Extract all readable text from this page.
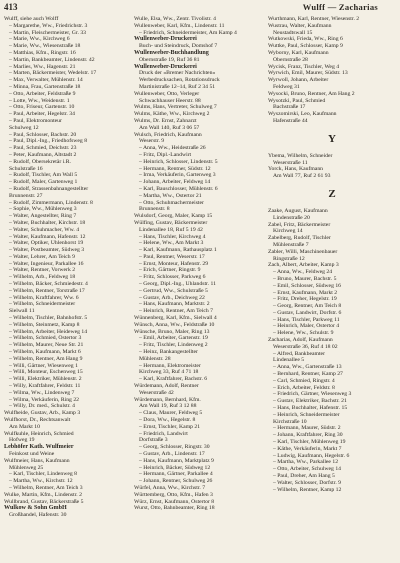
413	Wulff — Zacharias
Wulff, siehe auch Wolff
– Margarethe, Ww., Friedrichstr. 3
– Martin, Fleischermeister, Gr. 33
– Marie, Ww., Kirchweg 6
– Marie, Ww., Wiesenstraße 18
– Matthias, Kfm., Ringstr. 16
– Martin, Bankbeamter, Lindenstr. 42
– Marlies, Ww., Hagenstr. 21
– Marten, Bäckermeister, Wedelstr. 17
– Max, Verwalter, Mühlenstr. 14
– Minna, Frau, Gartenstraße 18
– Otto, Arbeiter, Feldstraße 9
– Lotte, Ww., Weidenstr. 1
– Otto, Friseur, Gartenstr. 10
– Paul, Arbeiter, Hegelstr. 34
– Paul, Elektromonteur
Schulweg 12
– Paul, Schlosser, Bachstr. 20
– Paul, Dipl.-Ing., Friedhofsweg 8
– Paul, Schmied, Deichstr. 23
– Peter, Kaufmann, Altstadt 2
– Rudolf, Obersekretär i.R.
Schulstraße 16
– Rudolf, Tischler, Am Wall 5
– Rudolf, Maler, Gartenweg 1
– Rudolf, Strassenbahnangestellter
Brunnenstr. 27
– Rudolf, Zimmermann, Lindenstr. 8
– Sophie, Ww., Mühlenweg 3
– Walter, Angestellter, Ring 7
– Walter, Buchhalter, Kirchstr. 18
– Walter, Schuhmacher, Ww. 4
– Walter, Kaufmann, Hafenstr. 12
– Walter, Optiker, Uhlenhorst 19
– Walter, Postbeamter, Südweg 3
– Walter, Lehrer, Am Teich 9
– Walter, Ingenieur, Parkallee 16
– Walter, Rentner, Vorwerk 2
– Wilhelm, Arb., Feldweg 18
– Wilhelm, Bäcker, Schmiedestr. 4
– Wilhelm, Rentner, Torstraße 17
– Wilhelm, Kraftfahrer, Ww. 6
– Wilhelm, Schneidermeister
Sielwall 11
– Wilhelm, Tischler, Bahnhofstr. 5
– Wilhelm, Steinmetz, Kamp 8
– Wilhelm, Arbeiter, Heideweg 14
– Wilhelm, Schmied, Ostertor 3
– Wilhelm, Maurer, Neue Str. 21
– Wilhelm, Kaufmann, Markt 6
– Wilhelm, Rentner, Am Hang 9
– Willi, Gärtner, Wiesenweg 1
– Willi, Monteur, Eschenweg 15
– Willi, Elektriker, Mühlenstr. 2
– Willy, Kraftfahrer, Feldstr. 11
– Wilma, Ww., Lindenweg 7
– Wilma, Verkäuferin, Ring 22
– Willy, Dr. med., Schulstr. 4
Wulfheide, Gustav, Arb., Kamp 3
Wulfhorst, Dr., Rechtsanwalt
Am Markt 10
Wulfkuhle, Heinrich, Schmied
Hofweg 19
Lebhöfer Kath. Wulfmeier
Feinkost und Weine
Wulfmeier, Hans, Kaufmann
Mühlenweg 25
– Karl, Tischler, Lindenweg 8
– Martha, Ww., Kirchstr. 12
– Wilhelm, Rentner, Am Teich 3
Wulke, Martin, Kfm., Lindenstr. 2
Wullbrand, Gustav, Bäckerstraße 5
Wulkow & Sohn GmbH
Großhandel, Hafenstr. 30
Wulle, Elsa, Ww., Zentr. Tivolistr. 4
Wullenweber, Karl, Kfm., Lindenstr. 11
– Friedrich, Schneidermeister, Am Kamp 4
Wullenweber-Druckerei
Buch- und Steindruck, Domshof 7
Wullenweber-Buchhandlung
Obernstraße 19, Ruf 36 81
Wullenweber-Druckerei
Druck der »Bremer Nachrichten«
Werbedrucksachen, Rotationsdruck
Martinistraße 12–14, Ruf 2 34 51
Wullenweber, Otto, Verleger
Schwachhauser Heerstr. 88
Wulms, Hans, Vertreter, Schulweg 7
Wulms, Käthe, Ww., Kirchweg 2
Wulms, Dr. Ernst, Zahnarzt
Am Wall 140, Ruf 3 06 57
Wulsch, Friedrich, Kaufmann
Weserstr. 9
– Anna, Ww., Heidestraße 26
– Fritz, Dipl.-Landwirt
– Heinrich, Schlosser, Lindenstr. 5
– Hermann, Rentner, Südstr. 12
– Irma, Verkäuferin, Gartenweg 3
– Johann, Arbeiter, Feldweg 14
– Karl, Bauschlosser, Mühlenstr. 6
– Martha, Ww., Ostertor 21
– Otto, Schuhmachermeister
Brunnenstr. 8
Wulsdorf, Georg, Maler, Kamp 15
Wülfing, Gustav, Bäckermeister
Lindenallee 18, Ruf 5 19 42
– Hans, Tischler, Kirchweg 4
– Helene, Ww., Am Markt 3
– Karl, Kaufmann, Rathausplatz 1
– Paul, Rentner, Weserstr. 17
– Ernst, Monteur, Hafenstr. 29
– Erich, Gärtner, Ringstr. 9
– Fritz, Schlosser, Parkweg 6
– Georg, Dipl.-Ing., Uhlandstr. 11
– Gertrud, Ww., Schulstraße 5
– Gustav, Arb., Deichweg 22
– Hans, Kaufmann, Marktstr. 2
– Heinrich, Rentner, Am Teich 7
Wünnenberg, Karl, Kfm., Sielwall 4
Wünsch, Anna, Ww., Feldstraße 10
Wünsche, Bruno, Maler, Ring 13
– Emil, Arbeiter, Gartenstr. 19
– Fritz, Tischler, Lindenweg 2
– Heinz, Bankangestellter
Mühlenstr. 28
– Hermann, Elektromeister
Kirchweg 33, Ruf 4 71 18
– Karl, Kraftfahrer, Bachstr. 6
Würdemann, Adolf, Rentner
Weserstraße 42
Würdemann, Bernhard, Kfm.
Am Wall 19, Ruf 3 12 88
– Claus, Maurer, Feldweg 5
– Dora, Ww., Hegelstr. 8
– Ernst, Tischler, Kamp 21
– Friedrich, Landwirt
Dorfstraße 3
– Georg, Schlosser, Ringstr. 30
– Gustav, Arb., Lindenstr. 17
– Hans, Kaufmann, Marktplatz 9
– Heinrich, Bäcker, Südweg 12
– Hermann, Gärtner, Parkallee 4
– Johann, Rentner, Schulweg 26
Würfel, Anna, Ww., Kirchstr. 7
Württemberg, Otto, Kfm., Hafen 3
Würz, Ernst, Kaufmann, Ostertor 8
Wurst, Otto, Bahnbeamter, Ring 18
Wurthmann, Karl, Rentner, Wiesenstr. 2
Wustrau, Walter, Kaufmann
Neustadtswall 15
Wutkowski, Frieda, Ww., Ring 6
Wuttke, Paul, Schlosser, Kamp 9
Wyborny, Karl, Kaufmann
Obernstraße 28
Wycisk, Franz, Tischler, Weg 4
Wyrwich, Emil, Maurer, Südstr. 13
Wyrwoll, Johann, Arbeiter
Feldweg 31
Wysocki, Bruno, Rentner, Am Hang 2
Wysotzki, Paul, Schmied
Bachstraße 17
Wyszomirski, Leo, Kaufmann
Hafenstraße 44
Y
Ybema, Wilhelm, Schneider
Weserstraße 11
Yorck, Hans, Kaufmann
Am Wall 77, Ruf 2 61 93
Z
Zaake, August, Kaufmann
Lindenstraße 20
Zabel, Fritz, Bäckermeister
Kirchweg 14
Zabelberg, Rudolf, Tischler
Mühlenstraße 7
Zabler, Willi, Maschinenbauer
Ringstraße 12
Zach, Albert, Arbeiter, Kamp 3
– Anna, Ww., Feldweg 24
– Bruno, Maurer, Bachstr. 5
– Emil, Schlosser, Südweg 16
– Ernst, Kaufmann, Markt 2
– Fritz, Dreher, Hegelstr. 19
– Georg, Rentner, Am Teich 8
– Gustav, Landwirt, Dorfstr. 6
– Hans, Tischler, Parkweg 11
– Heinrich, Maler, Ostertor 4
– Helene, Ww., Schulstr. 9
Zacharias, Adolf, Kaufmann
Weserstraße 36, Ruf 4 18 02
– Alfred, Bankbeamter
Lindenallee 5
– Anna, Ww., Gartenstraße 13
– Bernhard, Rentner, Kamp 27
– Carl, Schmied, Ringstr. 4
– Erich, Arbeiter, Feldstr. 8
– Friedrich, Gärtner, Wiesenweg 3
– Gustav, Elektriker, Bachstr. 21
– Hans, Buchhalter, Hafenstr. 15
– Heinrich, Schneidermeister
Kirchstraße 10
– Hermann, Maurer, Südstr. 2
– Johann, Kraftfahrer, Ring 30
– Karl, Tischler, Mühlenweg 19
– Käthe, Verkäuferin, Markt 7
– Ludwig, Kaufmann, Hegelstr. 6
– Martha, Ww., Parkallee 12
– Otto, Arbeiter, Schulweg 14
– Paul, Dreher, Am Hang 5
– Walter, Schlosser, Dorfstr. 9
– Wilhelm, Rentner, Kamp 12
